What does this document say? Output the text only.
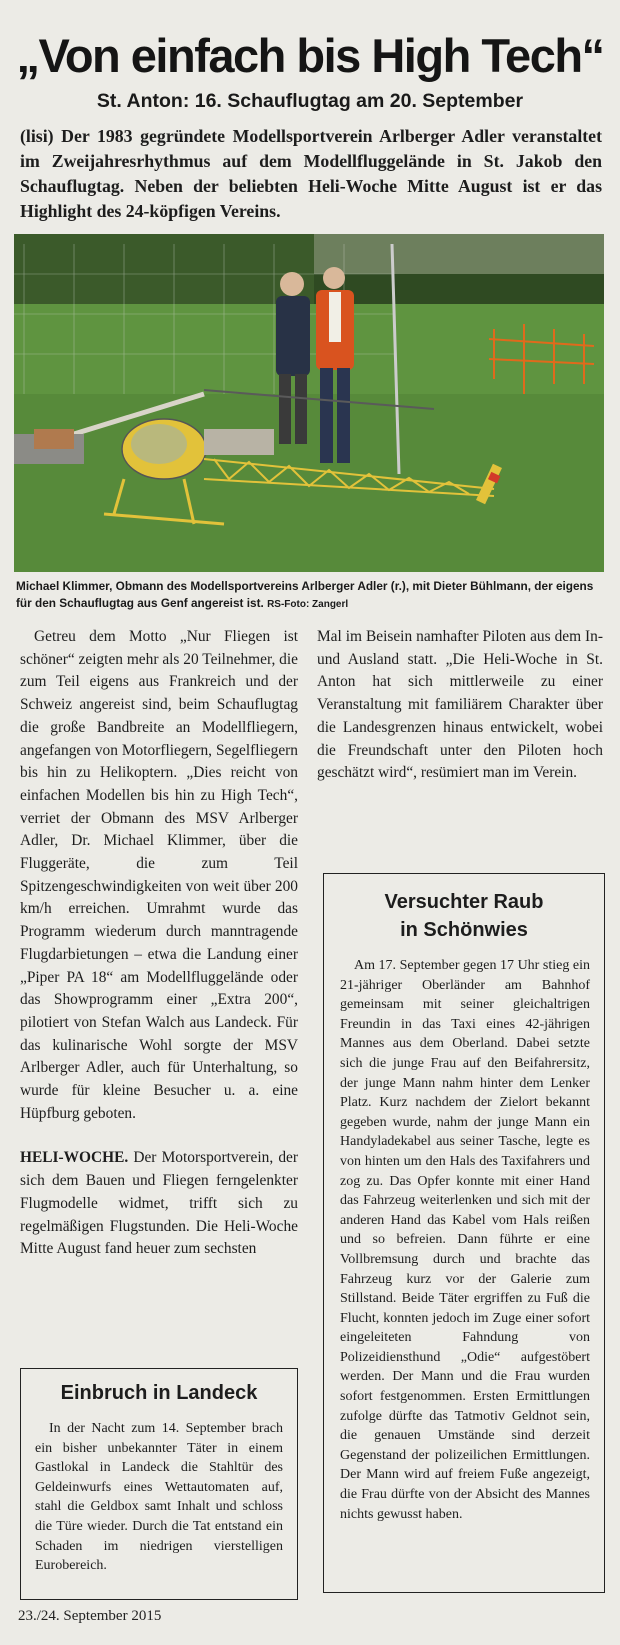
„Von einfach bis High Tech“
St. Anton: 16. Schauflugtag am 20. September
(lisi) Der 1983 gegründete Modellsportverein Arlberger Adler veranstaltet im Zweijahresrhythmus auf dem Modellfluggelände in St. Jakob den Schauflugtag. Neben der beliebten Heli-Woche Mitte August ist er das Highlight des 24-köpfigen Vereins.
Michael Klimmer, Obmann des Modellsportvereins Arlberger Adler (r.), mit Dieter Bühlmann, der eigens für den Schauflugtag aus Genf angereist ist. RS-Foto: Zangerl

Getreu dem Motto „Nur Fliegen ist schöner“ zeigten mehr als 20 Teilnehmer, die zum Teil eigens aus Frankreich und der Schweiz angereist sind, beim Schauflugtag die große Bandbreite an Modellfliegern, angefangen von Motorfliegern, Segelfliegern bis hin zu Helikoptern. „Dies reicht von einfachen Modellen bis hin zu High Tech“, verriet der Obmann des MSV Arlberger Adler, Dr. Michael Klimmer, über die Fluggeräte, die zum Teil Spitzengeschwindigkeiten von weit über 200 km/h erreichen. Umrahmt wurde das Programm wiederum durch manntragende Flugdarbietungen – etwa die Landung einer „Piper PA 18“ am Modellfluggelände oder das Showprogramm einer „Extra 200“, pilotiert von Stefan Walch aus Landeck. Für das kulinarische Wohl sorgte der MSV Arlberger Adler, auch für Unterhaltung, so wurde für kleine Besucher u. a. eine Hüpfburg geboten.

HELI-WOCHE. Der Motorsportverein, der sich dem Bauen und Fliegen ferngelenkter Flugmodelle widmet, trifft sich zu regelmäßigen Flugstunden. Die Heli-Woche Mitte August fand heuer zum sechsten

Mal im Beisein namhafter Piloten aus dem In- und Ausland statt. „Die Heli-Woche in St. Anton hat sich mittlerweile zu einer Veranstaltung mit familiärem Charakter über die Landesgrenzen hinaus entwickelt, wobei die Freundschaft unter den Piloten hoch geschätzt wird“, resümiert man im Verein.

Versuchter Raub
in Schönwies

Am 17. September gegen 17 Uhr stieg ein 21-jähriger Oberländer am Bahnhof gemeinsam mit seiner gleichaltrigen Freundin in das Taxi eines 42-jährigen Mannes aus dem Oberland. Dabei setzte sich die junge Frau auf den Beifahrersitz, der junge Mann nahm hinter dem Lenker Platz. Kurz nachdem der Zielort bekannt gegeben wurde, nahm der junge Mann ein Handyladekabel aus seiner Tasche, legte es von hinten um den Hals des Taxifahrers und zog zu. Das Opfer konnte mit einer Hand das Fahrzeug weiterlenken und sich mit der anderen Hand das Kabel vom Hals reißen und so befreien. Dann führte er eine Vollbremsung durch und brachte das Fahrzeug kurz vor der Galerie zum Stillstand. Beide Täter ergriffen zu Fuß die Flucht, konnten jedoch im Zuge einer sofort eingeleiteten Fahndung von Polizeidiensthund „Odie“ aufgestöbert werden. Der Mann und die Frau wurden sofort festgenommen. Ersten Ermittlungen zufolge dürfte das Tatmotiv Geldnot sein, die genauen Umstände sind derzeit Gegenstand der polizeilichen Ermittlungen. Der Mann wird auf freiem Fuße angezeigt, die Frau dürfte von der Absicht des Mannes nichts gewusst haben.

Einbruch in Landeck

In der Nacht zum 14. September brach ein bisher unbekannter Täter in einem Gastlokal in Landeck die Stahltür des Geldeinwurfs eines Wettautomaten auf, stahl die Geldbox samt Inhalt und schloss die Türe wieder. Durch die Tat entstand ein Schaden im niedrigen vierstelligen Eurobereich.

23./24. September 2015
